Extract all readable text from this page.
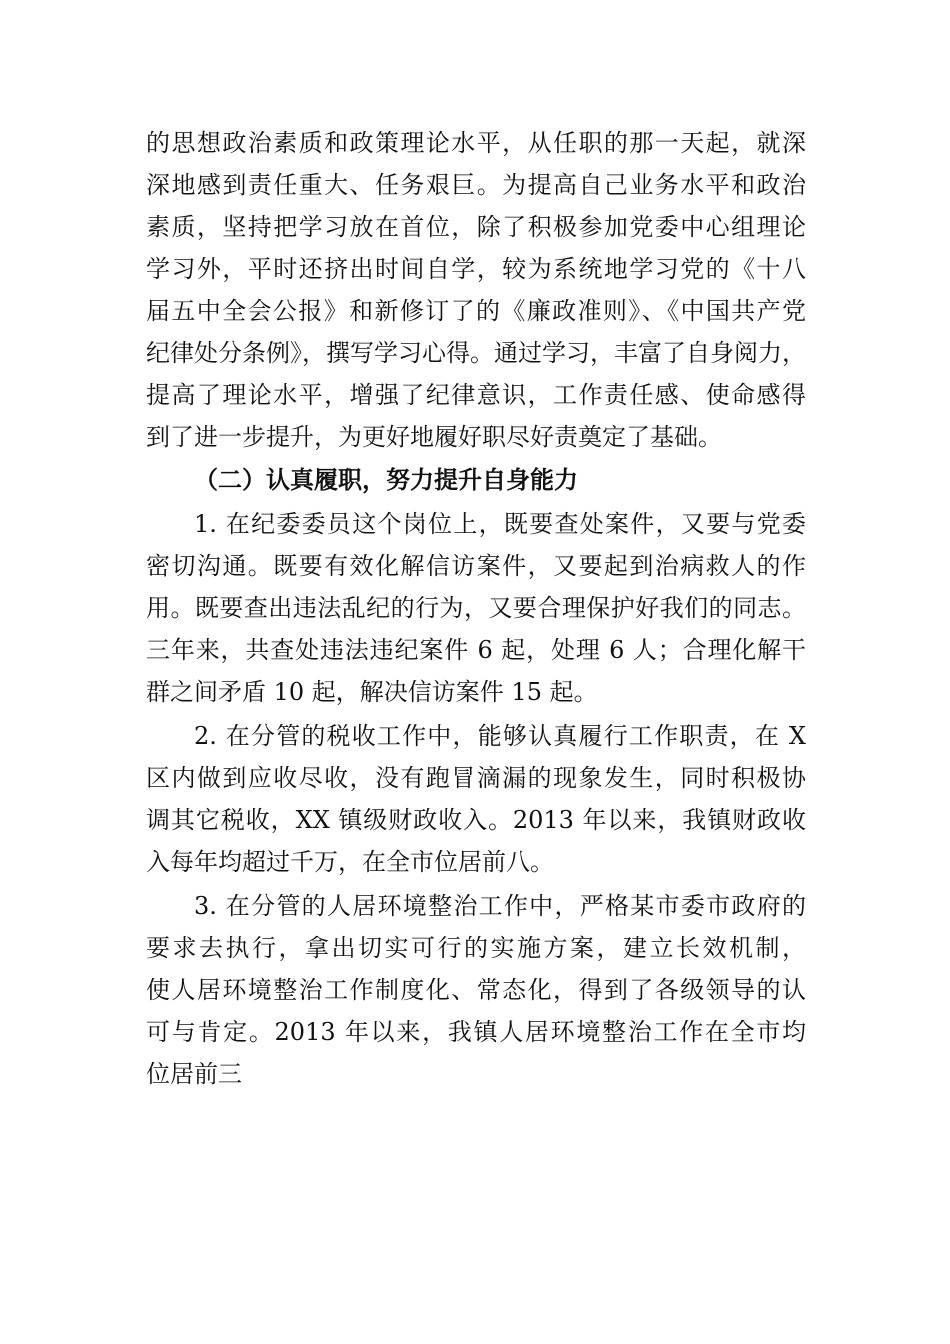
的思想政治素质和政策理论水平，从任职的那一天起，就深
深地感到责任重大、任务艰巨。为提高自己业务水平和政治
素质，坚持把学习放在首位，除了积极参加党委中心组理论
学习外，平时还挤出时间自学，较为系统地学习党的《十八
届五中全会公报》和新修订了的《廉政准则》、《中国共产党
纪律处分条例》，撰写学习心得。通过学习，丰富了自身阅力，
提高了理论水平，增强了纪律意识，工作责任感、使命感得
到了进一步提升，为更好地履好职尽好责奠定了基础。
（二）认真履职，努力提升自身能力
1. 在纪委委员这个岗位上，既要查处案件，又要与党委
密切沟通。既要有效化解信访案件，又要起到治病救人的作
用。既要查出违法乱纪的行为，又要合理保护好我们的同志。
三年来，共查处违法违纪案件 6 起，处理 6 人；合理化解干
群之间矛盾 10 起，解决信访案件 15 起。
2. 在分管的税收工作中，能够认真履行工作职责，在 X
区内做到应收尽收，没有跑冒滴漏的现象发生，同时积极协
调其它税收，XX 镇级财政收入。2013 年以来，我镇财政收
入每年均超过千万，在全市位居前八。
3. 在分管的人居环境整治工作中，严格某市委市政府的
要求去执行，拿出切实可行的实施方案，建立长效机制，
使人居环境整治工作制度化、常态化，得到了各级领导的认
可与肯定。2013 年以来，我镇人居环境整治工作在全市均
位居前三
